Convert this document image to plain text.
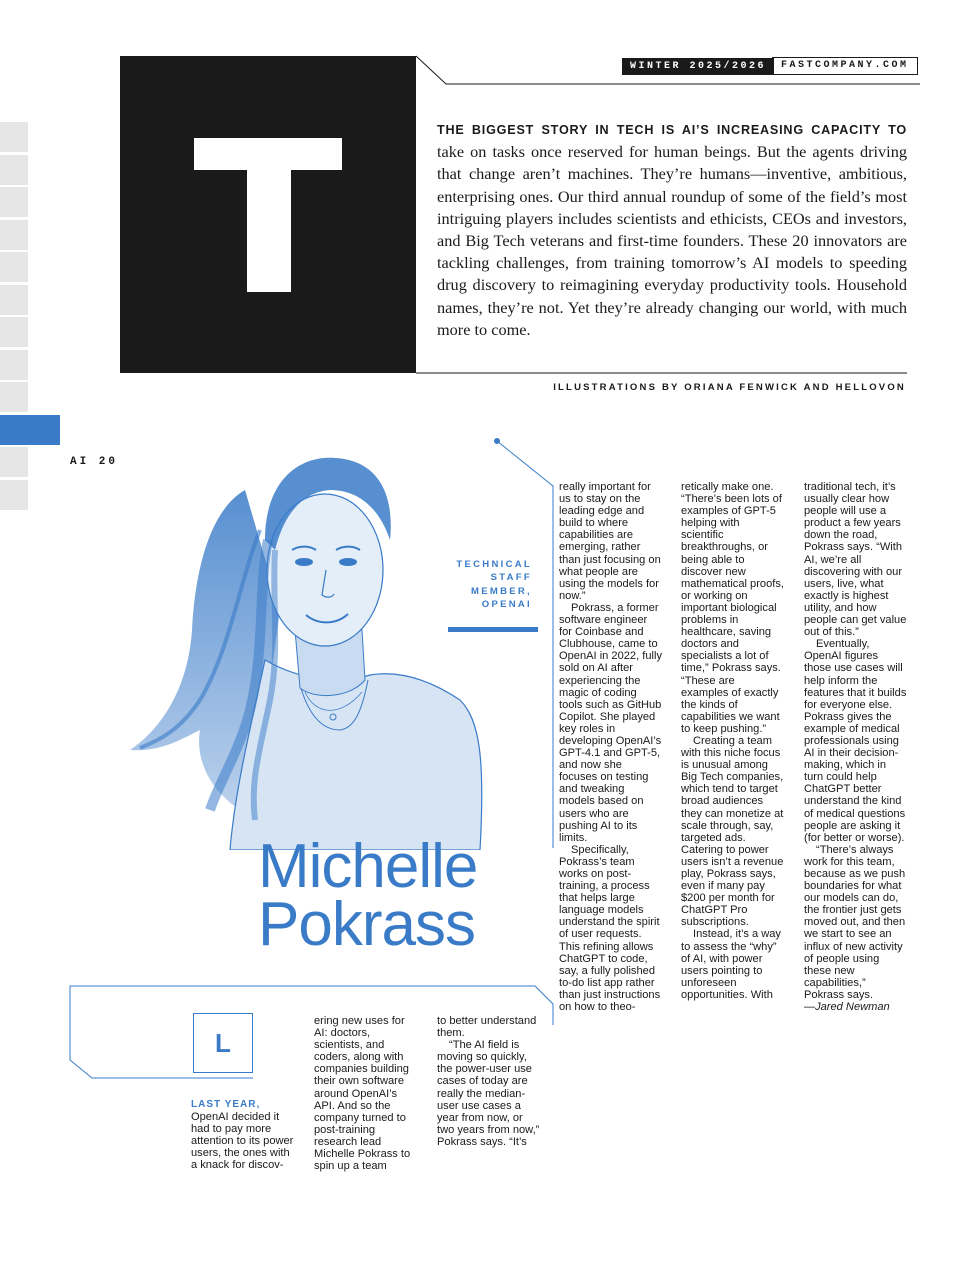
AI 20
WINTER 2025/2026	FASTCOMPANY.COM
THE BIGGEST STORY IN TECH IS AI’S INCREASING CAPACITY TO take on tasks once reserved for human beings. But the agents driving that change aren’t machines. They’re humans—inventive, ambitious, enterprising ones. Our third annual roundup of some of the field’s most intriguing players includes scientists and ethicists, CEOs and investors, and Big Tech veterans and first-time founders. These 20 innovators are tackling challenges, from training tomorrow’s AI models to speeding drug discovery to reimagining everyday productivity tools. Household names, they’re not. Yet they’re already changing our world, with much more to come.
ILLUSTRATIONS BY ORIANA FENWICK AND HELLOVON
TECHNICAL
STAFF
MEMBER,
OPENAI
Michelle
Pokrass
L
LAST YEAR,

OpenAI decided it had to pay more attention to its power users, the ones with a knack for discov-

ering new uses for AI: doctors, scientists, and coders, along with companies building their own software around OpenAI’s API. And so the company turned to post-training research lead Michelle Pokrass to spin up a team

to better understand them.

“The AI field is moving so quickly, the power-user use cases of today are really the median-user use cases a year from now, or two years from now,” Pokrass says. “It’s

really important for us to stay on the leading edge and build to where capabilities are emerging, rather than just focusing on what people are using the models for now.”

Pokrass, a former software engineer for Coinbase and Clubhouse, came to OpenAI in 2022, fully sold on AI after experiencing the magic of coding tools such as GitHub Copilot. She played key roles in developing OpenAI’s GPT-4.1 and GPT-5, and now she focuses on testing and tweaking models based on users who are pushing AI to its limits.

Specifically, Pokrass’s team works on post-training, a process that helps large language models understand the spirit of user requests. This refining allows ChatGPT to code, say, a fully polished to-do list app rather than just instructions on how to theo-

retically make one. “There’s been lots of examples of GPT-5 helping with scientific breakthroughs, or being able to discover new mathematical proofs, or working on important biological problems in healthcare, saving doctors and specialists a lot of time,” Pokrass says. “These are examples of exactly the kinds of capabilities we want to keep pushing.”

Creating a team with this niche focus is unusual among Big Tech companies, which tend to target broad audiences they can monetize at scale through, say, targeted ads. Catering to power users isn’t a revenue play, Pokrass says, even if many pay $200 per month for ChatGPT Pro subscriptions.

Instead, it’s a way to assess the “why” of AI, with power users pointing to unforeseen opportunities. With

traditional tech, it’s usually clear how people will use a product a few years down the road, Pokrass says. “With AI, we’re all discovering with our users, live, what exactly is highest utility, and how people can get value out of this.”

Eventually, OpenAI figures those use cases will help inform the features that it builds for everyone else. Pokrass gives the example of medical professionals using AI in their decision-making, which in turn could help ChatGPT better understand the kind of medical questions people are asking it (for better or worse).

“There’s always work for this team, because as we push boundaries for what our models can do, the frontier just gets moved out, and then we start to see an influx of new activity of people using these new capabilities,” Pokrass says.

—Jared Newman
